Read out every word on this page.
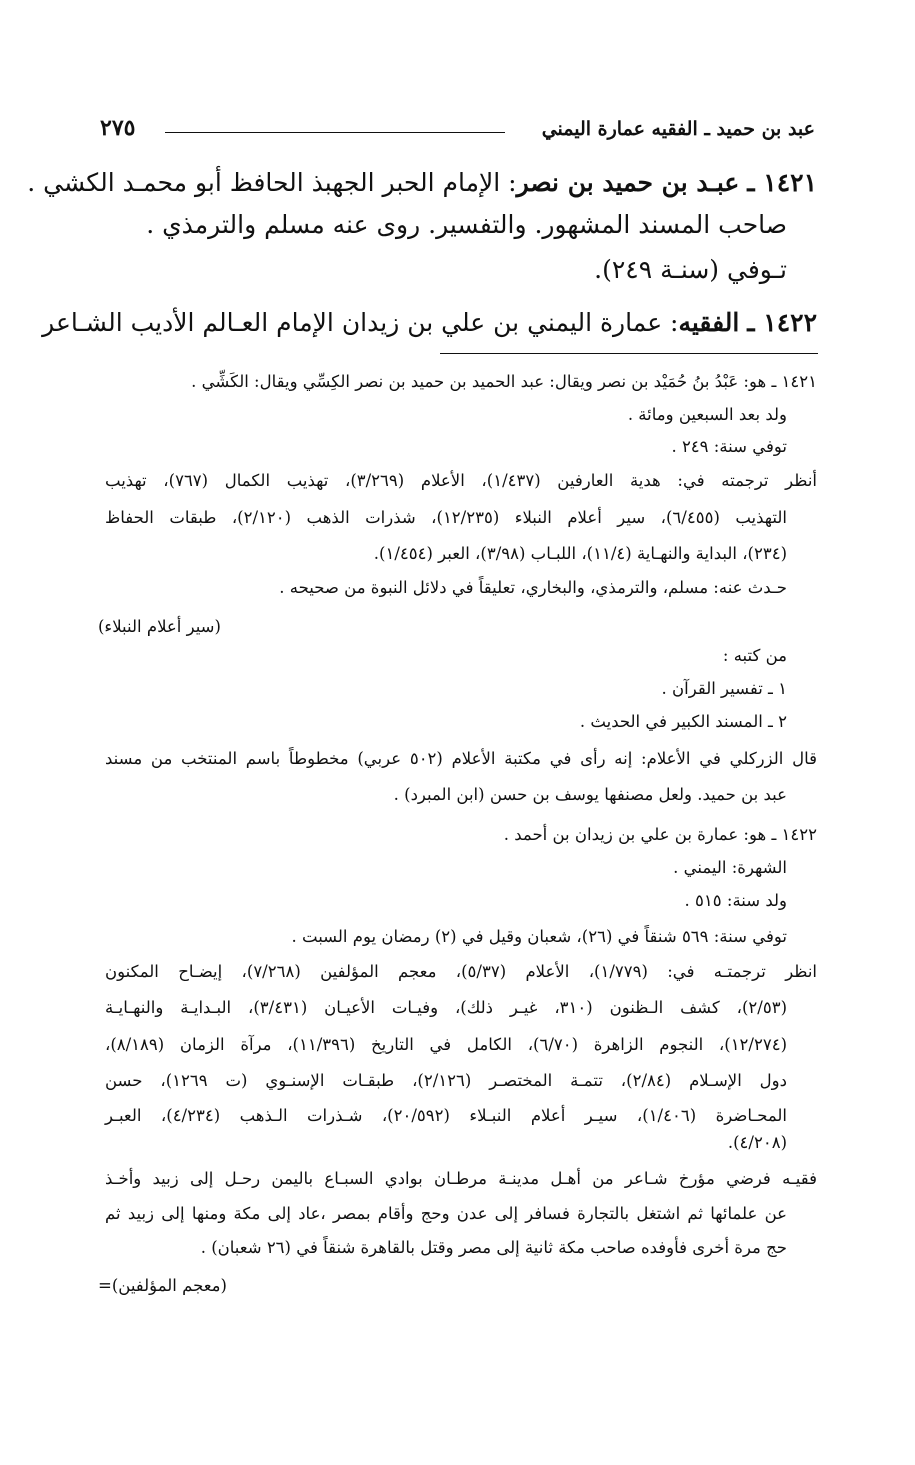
عبد بن حميد ـ الفقيه عمارة اليمني
٢٧٥
١٤٢١ ـ عبـد بن حميد بن نصر: الإمام الحبر الجهبذ الحافظ أبو محمـد الكشي .
صاحب المسند المشهور. والتفسير. روى عنه مسلم والترمذي .
تـوفي (سنـة ٢٤٩).
١٤٢٢ ـ الفقيه: عمارة اليمني بن علي بن زيدان الإمام العـالم الأديب الشـاعر
١٤٢١ ـ هو: عَبْدُ بنُ حُمَيْد بن نصر ويقال: عبد الحميد بن حميد بن نصر الكِسِّي ويقال: الكَشِّي .
ولد بعد السبعين ومائة .
توفي سنة: ٢٤٩ .
أنظر ترجمته في: هدية العارفين (١/٤٣٧)، الأعلام (٣/٢٦٩)، تهذيب الكمال (٧٦٧)، تهذيب
التهذيب (٦/٤٥٥)، سير أعلام النبلاء (١٢/٢٣٥)، شذرات الذهب (٢/١٢٠)، طبقات الحفاظ
(٢٣٤)، البداية والنهـاية (١١/٤)، اللبـاب (٣/٩٨)، العبر (١/٤٥٤).
حـدث عنه: مسلم، والترمذي، والبخاري، تعليقاً في دلائل النبوة من صحيحه .
(سير أعلام النبلاء)
من كتبه :
١ ـ تفسير القرآن .
٢ ـ المسند الكبير في الحديث .
قال الزركلي في الأعلام: إنه رأى في مكتبة الأعلام (٥٠٢ عربي) مخطوطاً باسم المنتخب من مسند
عبد بن حميد. ولعل مصنفها يوسف بن حسن (ابن المبرد) .
١٤٢٢ ـ هو: عمارة بن علي بن زيدان بن أحمد .
الشهرة: اليمني .
ولد سنة: ٥١٥ .
توفي سنة: ٥٦٩ شنقاً في (٢٦)، شعبان وقيل في (٢) رمضان يوم السبت .
انظر ترجمتـه في: (١/٧٧٩)، الأعلام (٥/٣٧)، معجم المؤلفين (٧/٢٦٨)، إيضـاح المكنون
(٢/٥٣)، كشف الـظنون (٣١٠، غيـر ذلك)، وفيـات الأعيـان (٣/٤٣١)، البـدايـة والنهـايـة
(١٢/٢٧٤)، النجوم الزاهرة (٦/٧٠)، الكامل في التاريخ (١١/٣٩٦)، مرآة الزمان (٨/١٨٩)،
دول الإسـلام (٢/٨٤)، تتمـة المختصـر (٢/١٢٦)، طبقـات الإسنـوي (ت ١٢٦٩)، حسن
المحـاضرة (١/٤٠٦)، سيـر أعلام النبـلاء (٢٠/٥٩٢)، شـذرات الـذهب (٤/٢٣٤)، العبـر
(٤/٢٠٨).
فقيـه فرضي مؤرخ شـاعر من أهـل مدينـة مرطـان بوادي السبـاع باليمن رحـل إلى زبيد وأخـذ
عن علمائها ثم اشتغل بالتجارة فسافر إلى عدن وحج وأقام بمصر ،عاد إلى مكة ومنها إلى زبيد ثم
حج مرة أخرى فأوفده صاحب مكة ثانية إلى مصر وقتل بالقاهرة شنقاً في (٢٦ شعبان) .
(معجم المؤلفين)=
